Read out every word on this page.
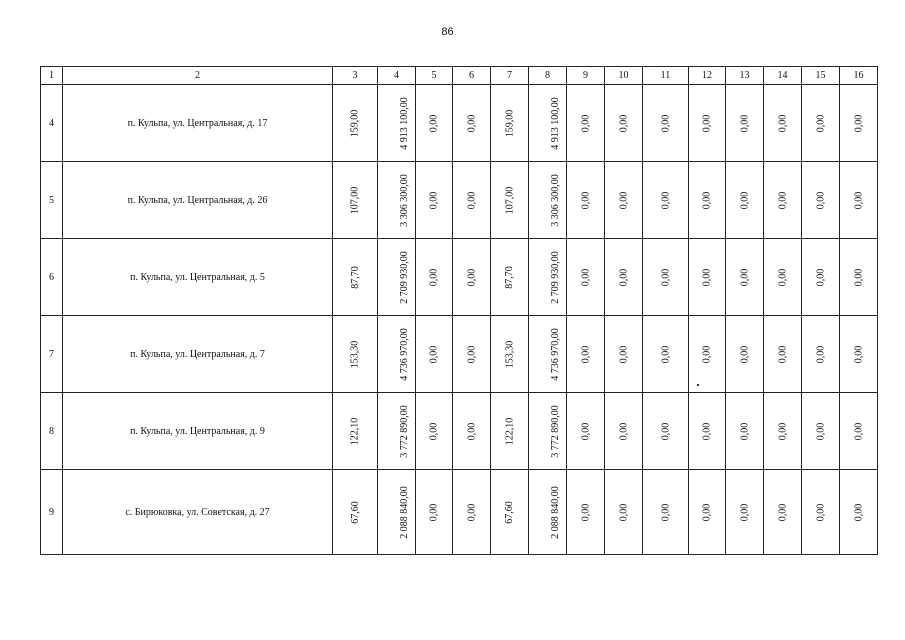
86
1	2	3	4	5	6	7	8	9	10	11	12	13	14	15	16
4	п. Кульпа, ул. Центральная, д. 17	159,00	4 913 100,00	0,00	0,00	159,00	4 913 100,00	0,00	0,00	0,00	0,00	0,00	0,00	0,00	0,00
5	п. Кульпа, ул. Центральная, д. 26	107,00	3 306 300,00	0,00	0,00	107,00	3 306 300,00	0,00	0,00	0,00	0,00	0,00	0,00	0,00	0,00
6	п. Кульпа, ул. Центральная, д. 5	87,70	2 709 930,00	0,00	0,00	87,70	2 709 930,00	0,00	0,00	0,00	0,00	0,00	0,00	0,00	0,00
7	п. Кульпа, ул. Центральная, д. 7	153,30	4 736 970,00	0,00	0,00	153,30	4 736 970,00	0,00	0,00	0,00	0,00	0,00	0,00	0,00	0,00
8	п. Кульпа, ул. Центральная, д. 9	122,10	3 772 890,00	0,00	0,00	122,10	3 772 890,00	0,00	0,00	0,00	0,00	0,00	0,00	0,00	0,00
9	с. Бирюковка, ул. Советская, д. 27	67,60	2 088 840,00	0,00	0,00	67,60	2 088 840,00	0,00	0,00	0,00	0,00	0,00	0,00	0,00	0,00
